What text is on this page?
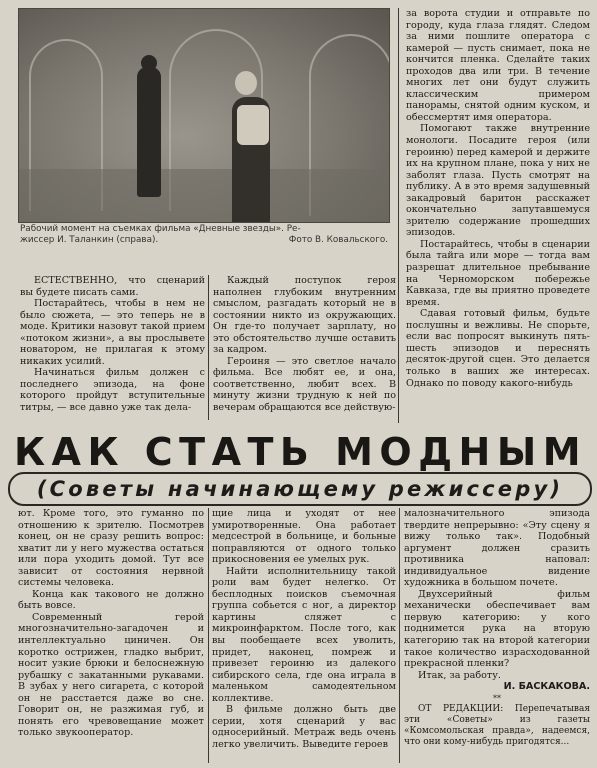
Рабочий момент на съемках фильма «Дневные звезды». Ре-
жиссер И. Таланкин (справа).	Фото В. Ковальского.

за ворота студии и отправьте по городу, куда глаза глядят. Следом за ними пошлите оператора с камерой — пусть снимает, пока не кончится пленка. Сделайте таких проходов два или три. В течение многих лет они будут служить классическим примером панорамы, снятой одним куском, и обессмертят имя оператора.

Помогают также внутренние монологи. Посадите героя (или героиню) перед камерой и держите их на крупном плане, пока у них не заболят глаза. Пусть смотрят на публику. А в это время задушевный закадровый баритон расскажет окончательно запутавшемуся зрителю содержание прошедших эпизодов.

Постарайтесь, чтобы в сценарии была тайга или море — тогда вам разрешат длительное пребывание на Черноморском побережье Кавказа, где вы приятно проведете время.

Сдавая готовый фильм, будьте послушны и вежливы. Не спорьте, если вас попросят выкинуть пять-шесть эпизодов и переснять десяток-другой сцен. Это делается только в ваших же интересах. Однако по поводу какого-нибудь

ЕСТЕСТВЕННО, что сценарий вы будете писать сами.

Постарайтесь, чтобы в нем не было сюжета, — это теперь не в моде. Критики назовут такой прием «потоком жизни», а вы прослывете новатором, не прилагая к этому никаких усилий.

Начинаться фильм должен с последнего эпизода, на фоне которого пройдут вступительные титры, — все давно уже так дела-

Каждый поступок героя наполнен глубоким внутренним смыслом, разгадать который не в состоянии никто из окружающих. Он где-то получает зарплату, но это обстоятельство лучше оставить за кадром.

Героиня — это светлое начало фильма. Все любят ее, и она, соответственно, любит всех. В минуту жизни трудную к ней по вечерам обращаются все действую-

КАК СТАТЬ МОДНЫМ
(Советы начинающему режиссеру)

ют. Кроме того, это гуманно по отношению к зрителю. Посмотрев конец, он не сразу решить вопрос: хватит ли у него мужества остаться или пора уходить домой. Тут все зависит от состояния нервной системы человека.

Конца как такового не должно быть вовсе.

Современный герой многозначительно-загадочен и интеллектуально циничен. Он коротко острижен, гладко выбрит, носит узкие брюки и белоснежную рубашку с закатанными рукавами. В зубах у него сигарета, с которой он не расстается даже во сне. Говорит он, не разжимая губ, и понять его чревовещание может только звукооператор.

щие лица и уходят от нее умиротворенные. Она работает медсестрой в больнице, и больные поправляются от одного только прикосновения ее умелых рук.

Найти исполнительницу такой роли вам будет нелегко. От бесплодных поисков съемочная группа собьется с ног, а директор картины сляжет с микроинфарктом. После того, как вы пообещаете всех уволить, придет, наконец, помреж и привезет героиню из далекого сибирского села, где она играла в маленьком самодеятельном коллективе.

В фильме должно быть две серии, хотя сценарий у вас односерийный. Метраж ведь очень легко увеличить. Выведите героев

малозначительного эпизода твердите непрерывно: «Эту сцену я вижу только так». Подобный аргумент должен сразить противника наповал: индивидуальное видение художника в большом почете.

Двухсерийный фильм механически обеспечивает вам первую категорию: у кого поднимется рука на вторую категорию так на второй категории такое количество израсходованной прекрасной пленки?

Итак, за работу.

И. БАСКАКОВА.

**

ОТ РЕДАКЦИИ: Перепечатывая эти «Советы» из газеты «Комсомольская правда», надеемся, что они кому-нибудь пригодятся...
